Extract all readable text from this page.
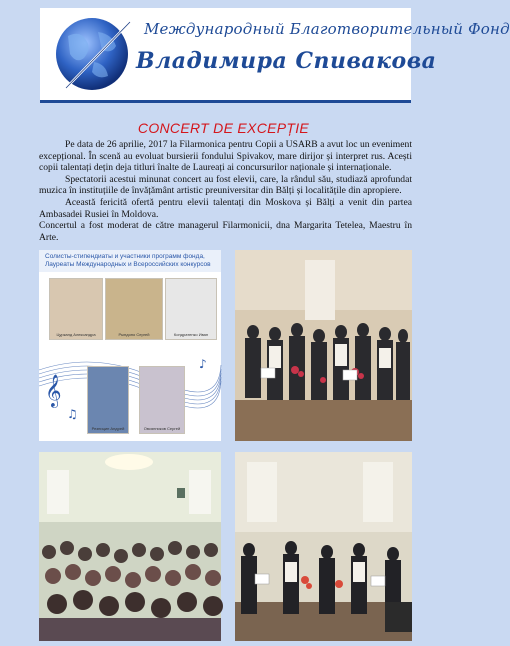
Международный Благотворительный Фонд
Владимира Спивакова
CONCERT DE EXCEPȚIE

Pe data de 26 aprilie, 2017 la Filarmonica pentru Copii a USARB a avut loc un eveniment excepțional. În scenă au evoluat bursierii fondului Spivakov, mare dirijor și interpret rus. Acești copii talentați dețin deja titluri înalte de Laureați ai concursurilor naționale și internaționale.

Spectatorii acestui minunat concert au fost elevii, care, la rândul său, studiază aprofundat muzica în instituțiile de învățământ artistic preuniversitar din Bălți și localitățile din apropiere.

Această fericită ofertă pentru elevii talentați din Moskova și Bălți a venit din partea Ambasadei Rusiei în Moldova.

Concertul a fost moderat de către managerul Filarmonicii, dna Margarita Tetelea, Maestru în Arte.

Солисты-стипендиаты и участники программ фонда, Лауреаты Международных и Всероссийских конкурсов
𝄞
♪
♫
Цурканд Александра	Рындоно Сергей	Кондратенко Иван
Резницин Андрей	Овсянников Сергей
